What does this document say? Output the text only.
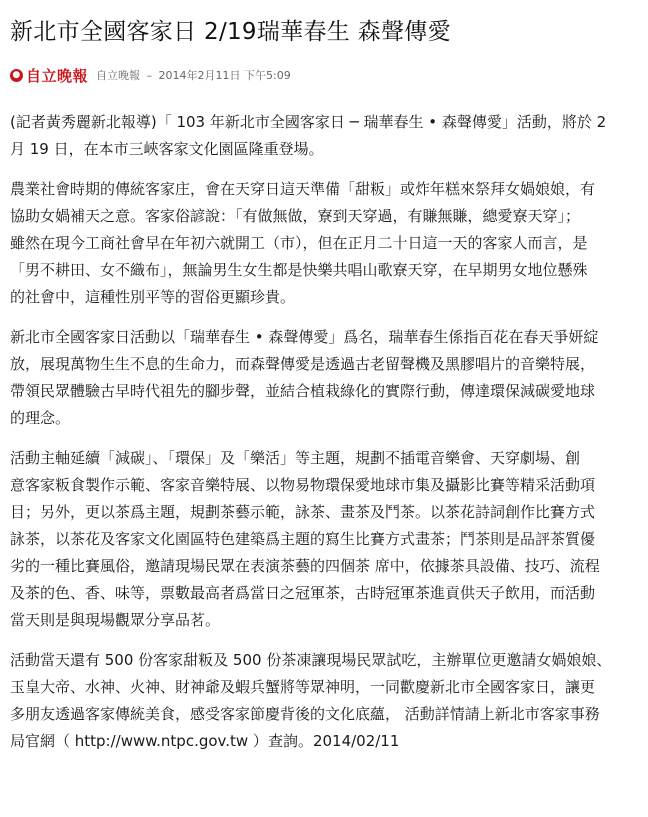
新北市全國客家日 2/19瑞華春生 森聲傳愛
● 自立晚報 自立晚報 – 2014年2月11日 下午5:09

(記者黃秀麗新北報導)「 103 年新北市全國客家日 ─ 瑞華春生 • 森聲傳愛」活動，將於 2
月 19 日，在本市三峽客家文化園區隆重登場。

農業社會時期的傳統客家庄，會在天穿日這天準備「甜粄」或炸年糕來祭拜女媧娘娘，有
協助女媧補天之意。客家俗諺說：「有做無做，寮到天穿過，有賺無賺，總愛寮天穿」；
雖然在現今工商社會早在年初六就開工（市），但在正月二十日這一天的客家人而言，是
「男不耕田、女不織布」，無論男生女生都是快樂共唱山歌寮天穿，在早期男女地位懸殊
的社會中，這種性別平等的習俗更顯珍貴。

新北市全國客家日活動以「瑞華春生 • 森聲傳愛」爲名，瑞華春生係指百花在春天爭妍綻
放，展現萬物生生不息的生命力，而森聲傳愛是透過古老留聲機及黑膠唱片的音樂特展，
帶領民眾體驗古早時代祖先的腳步聲，並結合植栽綠化的實際行動，傳達環保減碳愛地球
的理念。

活動主軸延續「減碳」、「環保」及「樂活」等主題，規劃不插電音樂會、天穿劇場、創
意客家粄食製作示範、客家音樂特展、以物易物環保愛地球市集及攝影比賽等精采活動項
目；另外，更以茶爲主題，規劃茶藝示範，詠茶、畫茶及鬥茶。以茶花詩詞創作比賽方式
詠茶，以茶花及客家文化園區特色建築爲主題的寫生比賽方式畫茶；鬥茶則是品評茶質優
劣的一種比賽風俗，邀請現場民眾在表演茶藝的四個茶 席中，依據茶具設備、技巧、流程
及茶的色、香、味等，票數最高者爲當日之冠軍茶，古時冠軍茶進貢供天子飲用，而活動
當天則是與現場觀眾分享品茗。

活動當天還有 500 份客家甜粄及 500 份茶凍讓現場民眾試吃，主辦單位更邀請女媧娘娘、
玉皇大帝、水神、火神、財神爺及蝦兵蟹將等眾神明，一同歡慶新北市全國客家日，讓更
多朋友透過客家傳統美食，感受客家節慶背後的文化底蘊， 活動詳情請上新北市客家事務
局官網（ http://www.ntpc.gov.tw ）查詢。2014/02/11
